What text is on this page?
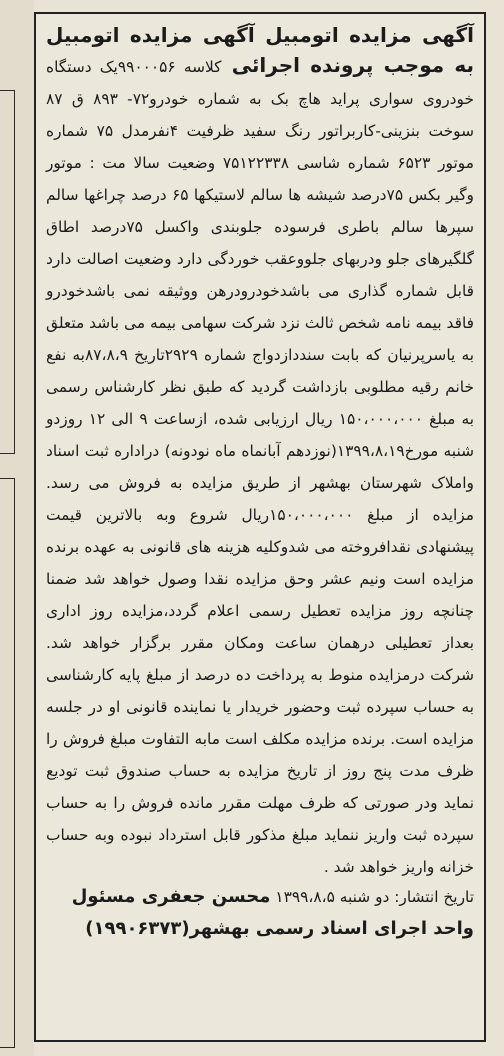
آگهی مزایده اتومبیل آگهی مزایده اتومبیل به موجب پرونده اجرائی کلاسه ۹۹۰۰۰۵۶یک دستگاه خودروی سواری پراید هاچ بک به شماره خودرو۷۲- ۸۹۳ ق ۸۷ سوخت بنزینی-کاربراتور رنگ سفید ظرفیت ۴نفرمدل ۷۵ شماره موتور ۶۵۲۳ شماره شاسی ۷۵۱۲۲۳۳۸ وضعیت سالا مت : موتور وگیر بکس ۷۵درصد شیشه ها سالم لاستیکها ۶۵ درصد چراغها سالم سپرها سالم باطری فرسوده جلوبندی واکسل ۷۵درصد اطاق گلگیرهای جلو ودربهای جلووعقب خوردگی دارد وضعیت اصالت دارد قابل شماره گذاری می باشدخودرودرهن ووثیقه نمی باشدخودرو فاقد بیمه نامه شخص ثالث نزد شرکت سهامی بیمه می باشد متعلق به یاسرپرنیان که بابت سنددازدواج شماره ۲۹۲۹تاریخ ۸۷،۸،۹به نفع خانم رقیه مطلوبی بازداشت گردید که طبق نظر کارشناس رسمی به مبلغ ۱۵۰،۰۰۰،۰۰۰ ریال ارزیابی شده، ازساعت ۹ الی ۱۲ روزدو شنبه مورخ۱۳۹۹،۸،۱۹(نوزدهم آبانماه ماه نودونه) دراداره ثبت اسناد واملاک شهرستان بهشهر از طریق مزایده به فروش می رسد. مزایده از مبلغ ۱۵۰،۰۰۰،۰۰۰ریال شروع وبه بالاترین قیمت پیشنهادی نقدافروخته می شدوکلیه هزینه های قانونی به عهده برنده مزایده است ونیم عشر وحق مزایده نقدا وصول خواهد شد ضمنا چنانچه روز مزایده تعطیل رسمی اعلام گردد،مزایده روز اداری بعداز تعطیلی درهمان ساعت ومکان مقرر برگزار خواهد شد. شرکت درمزایده منوط به پرداخت ده درصد از مبلغ پایه کارشناسی به حساب سپرده ثبت وحضور خریدار یا نماینده قانونی او در جلسه مزایده است. برنده مزایده مکلف است مابه التفاوت مبلغ فروش را ظرف مدت پنج روز از تاریخ مزایده به حساب صندوق ثبت تودیع نماید ودر صورتی که ظرف مهلت مقرر مانده فروش را به حساب سپرده ثبت واریز ننماید مبلغ مذکور قابل استرداد نبوده وبه حساب خزانه واریز خواهد شد .

تاریخ انتشار: دو شنبه ۱۳۹۹،۸،۵ محسن جعفری مسئول

واحد اجرای اسناد رسمی بهشهر(۱۹۹۰۶۳۷۳)
